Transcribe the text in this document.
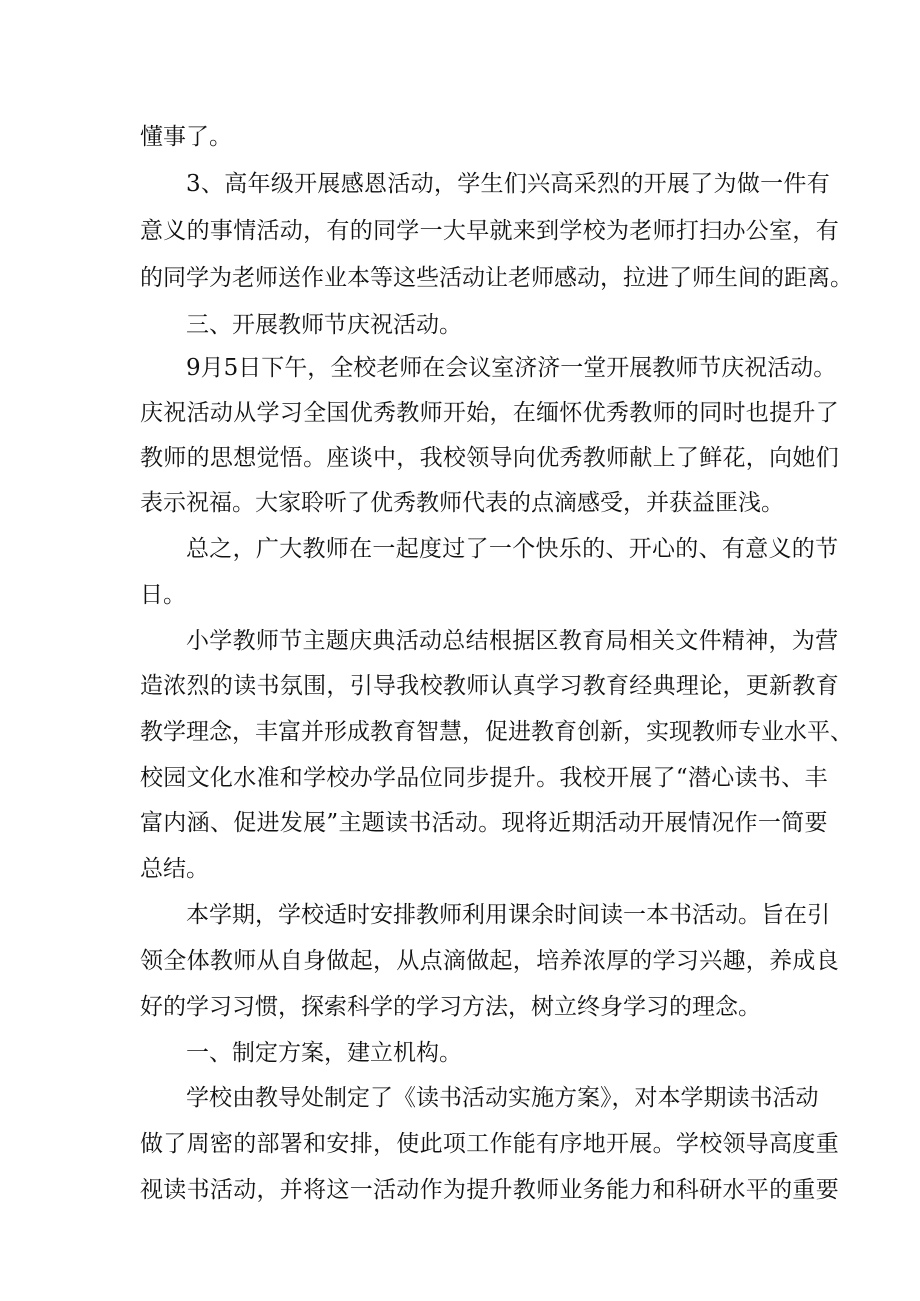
懂事了。
3、高年级开展感恩活动，学生们兴高采烈的开展了为做一件有
意义的事情活动，有的同学一大早就来到学校为老师打扫办公室，有
的同学为老师送作业本等这些活动让老师感动，拉进了师生间的距离。
三、开展教师节庆祝活动。
9月5日下午，全校老师在会议室济济一堂开展教师节庆祝活动。
庆祝活动从学习全国优秀教师开始，在缅怀优秀教师的同时也提升了
教师的思想觉悟。座谈中，我校领导向优秀教师献上了鲜花，向她们
表示祝福。大家聆听了优秀教师代表的点滴感受，并获益匪浅。
总之，广大教师在一起度过了一个快乐的、开心的、有意义的节
日。
小学教师节主题庆典活动总结根据区教育局相关文件精神，为营
造浓烈的读书氛围，引导我校教师认真学习教育经典理论，更新教育
教学理念，丰富并形成教育智慧，促进教育创新，实现教师专业水平、
校园文化水准和学校办学品位同步提升。我校开展了“潜心读书、丰
富内涵、促进发展”主题读书活动。现将近期活动开展情况作一简要
总结。
本学期，学校适时安排教师利用课余时间读一本书活动。旨在引
领全体教师从自身做起，从点滴做起，培养浓厚的学习兴趣，养成良
好的学习习惯，探索科学的学习方法，树立终身学习的理念。
一、制定方案，建立机构。
学校由教导处制定了《读书活动实施方案》，对本学期读书活动
做了周密的部署和安排，使此项工作能有序地开展。学校领导高度重
视读书活动，并将这一活动作为提升教师业务能力和科研水平的重要
